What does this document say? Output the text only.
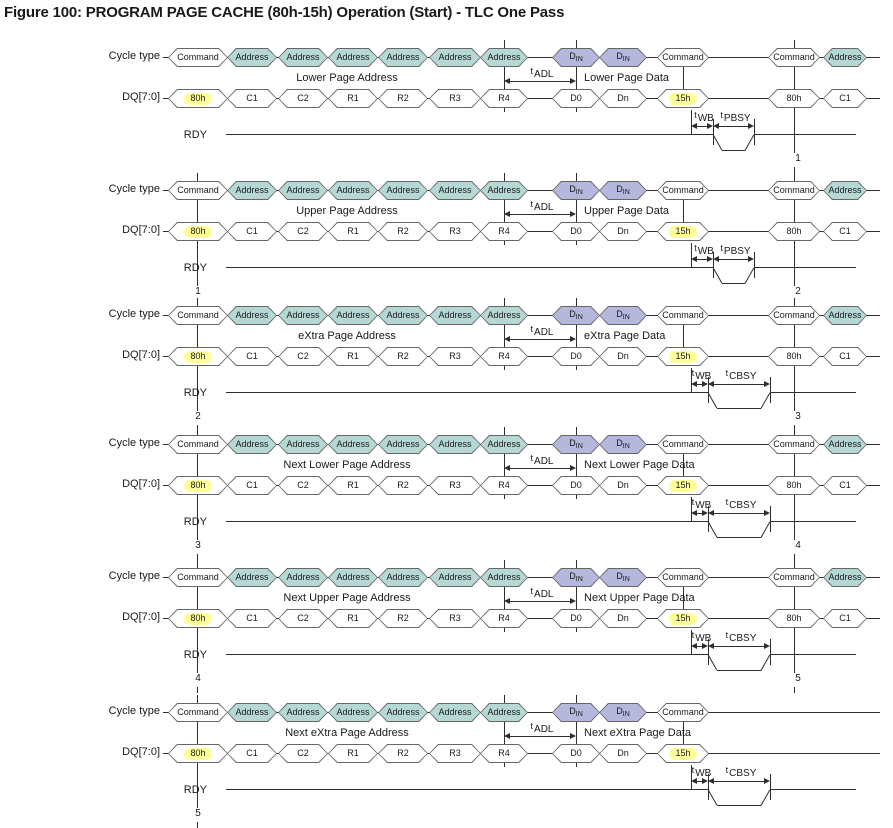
Figure 100: PROGRAM PAGE CACHE (80h-15h) Operation (Start) - TLC One Pass
Cycle type
DQ[7:0]
RDY
1
Lower Page Address	Lower Page Data
tADL
tWB tPBSY
Command Address Address Address Address Address Address	$D_{IN}$	$D_{IN}$	Command	Command Address
80h	C1	C2	R1	R2	R3	R4	D0	Dn	15h	80h	C1
Cycle type
DQ[7:0]
RDY
1	2
Upper Page Address	Upper Page Data
tADL
tWB tPBSY
Command Address Address Address Address Address Address	$D_{IN}$	$D_{IN}$	Command	Command Address
80h	C1	C2	R1	R2	R3	R4	D0	Dn	15h	80h	C1
Cycle type
DQ[7:0]
RDY
2	3
eXtra Page Address	eXtra Page Data
tADL
tWB tCBSY
Command Address Address Address Address Address Address	$D_{IN}$	$D_{IN}$	Command	Command Address
80h	C1	C2	R1	R2	R3	R4	D0	Dn	15h	80h	C1
Cycle type
DQ[7:0]
RDY
3	4
Next Lower Page Address	Next Lower Page Data
tADL
tWB tCBSY
Command Address Address Address Address Address Address	$D_{IN}$	$D_{IN}$	Command	Command Address
80h	C1	C2	R1	R2	R3	R4	D0	Dn	15h	80h	C1
Cycle type
DQ[7:0]
RDY
4	5
Next Upper Page Address	Next Upper Page Data
tADL
tWB tCBSY
Command Address Address Address Address Address Address	$D_{IN}$	$D_{IN}$	Command	Command Address
80h	C1	C2	R1	R2	R3	R4	D0	Dn	15h	80h	C1
Cycle type
DQ[7:0]
RDY
5
Next eXtra Page Address	Next eXtra Page Data
tADL
tWB tCBSY
Command Address Address Address Address Address Address	$D_{IN}$	$D_{IN}$	Command
80h	C1	C2	R1	R2	R3	R4	D0	Dn	15h
